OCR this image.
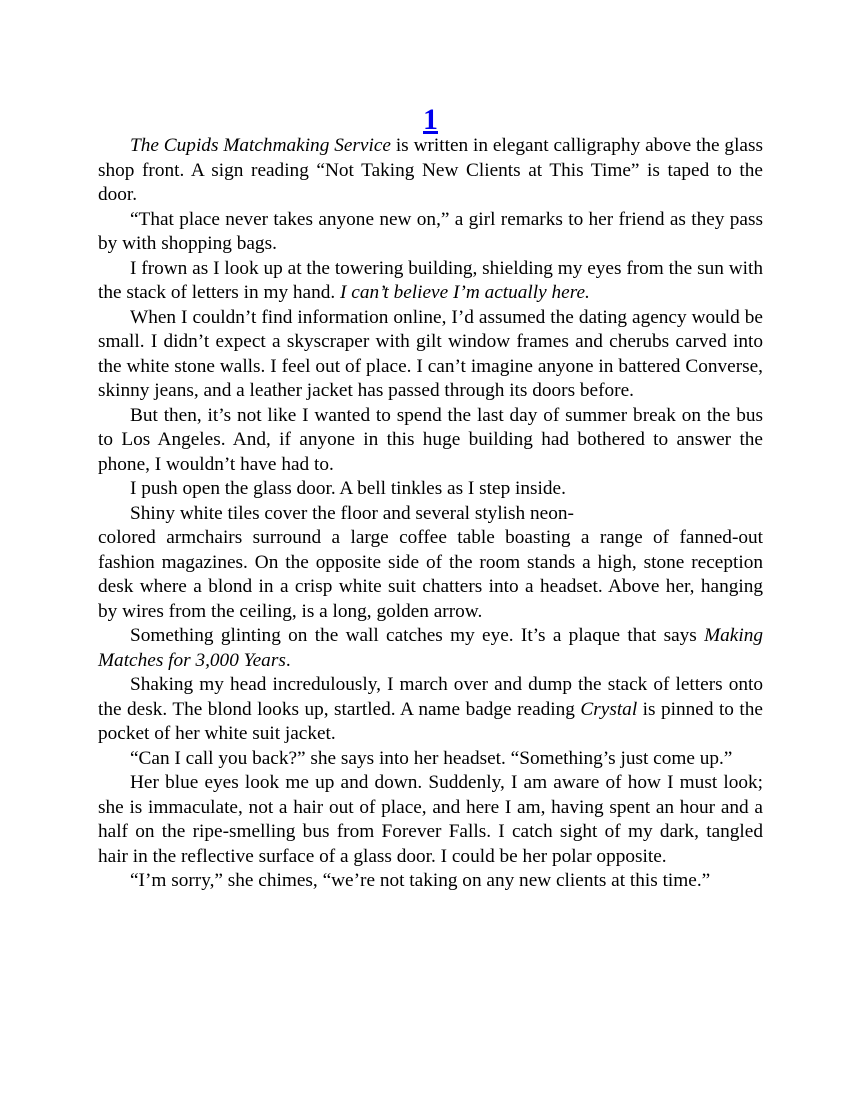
1

The Cupids Matchmaking Service is written in elegant calligraphy above the glass shop front. A sign reading “Not Taking New Clients at This Time” is taped to the door.

“That place never takes anyone new on,” a girl remarks to her friend as they pass by with shopping bags.

I frown as I look up at the towering building, shielding my eyes from the sun with the stack of letters in my hand. I can’t believe I’m actually here.

When I couldn’t find information online, I’d assumed the dating agency would be small. I didn’t expect a skyscraper with gilt window frames and cherubs carved into the white stone walls. I feel out of place. I can’t imagine anyone in battered Converse, skinny jeans, and a leather jacket has passed through its doors before.

But then, it’s not like I wanted to spend the last day of summer break on the bus to Los Angeles. And, if anyone in this huge building had bothered to answer the phone, I wouldn’t have had to.

I push open the glass door. A bell tinkles as I step inside.

Shiny white tiles cover the floor and several stylish neon-
colored armchairs surround a large coffee table boasting a range of fanned-out fashion magazines. On the opposite side of the room stands a high, stone reception desk where a blond in a crisp white suit chatters into a headset. Above her, hanging by wires from the ceiling, is a long, golden arrow.

Something glinting on the wall catches my eye. It’s a plaque that says Making Matches for 3,000 Years.

Shaking my head incredulously, I march over and dump the stack of letters onto the desk. The blond looks up, startled. A name badge reading Crystal is pinned to the pocket of her white suit jacket.

“Can I call you back?” she says into her headset. “Something’s just come up.”

Her blue eyes look me up and down. Suddenly, I am aware of how I must look; she is immaculate, not a hair out of place, and here I am, having spent an hour and a half on the ripe-smelling bus from Forever Falls. I catch sight of my dark, tangled hair in the reflective surface of a glass door. I could be her polar opposite.

“I’m sorry,” she chimes, “we’re not taking on any new clients at this time.”
